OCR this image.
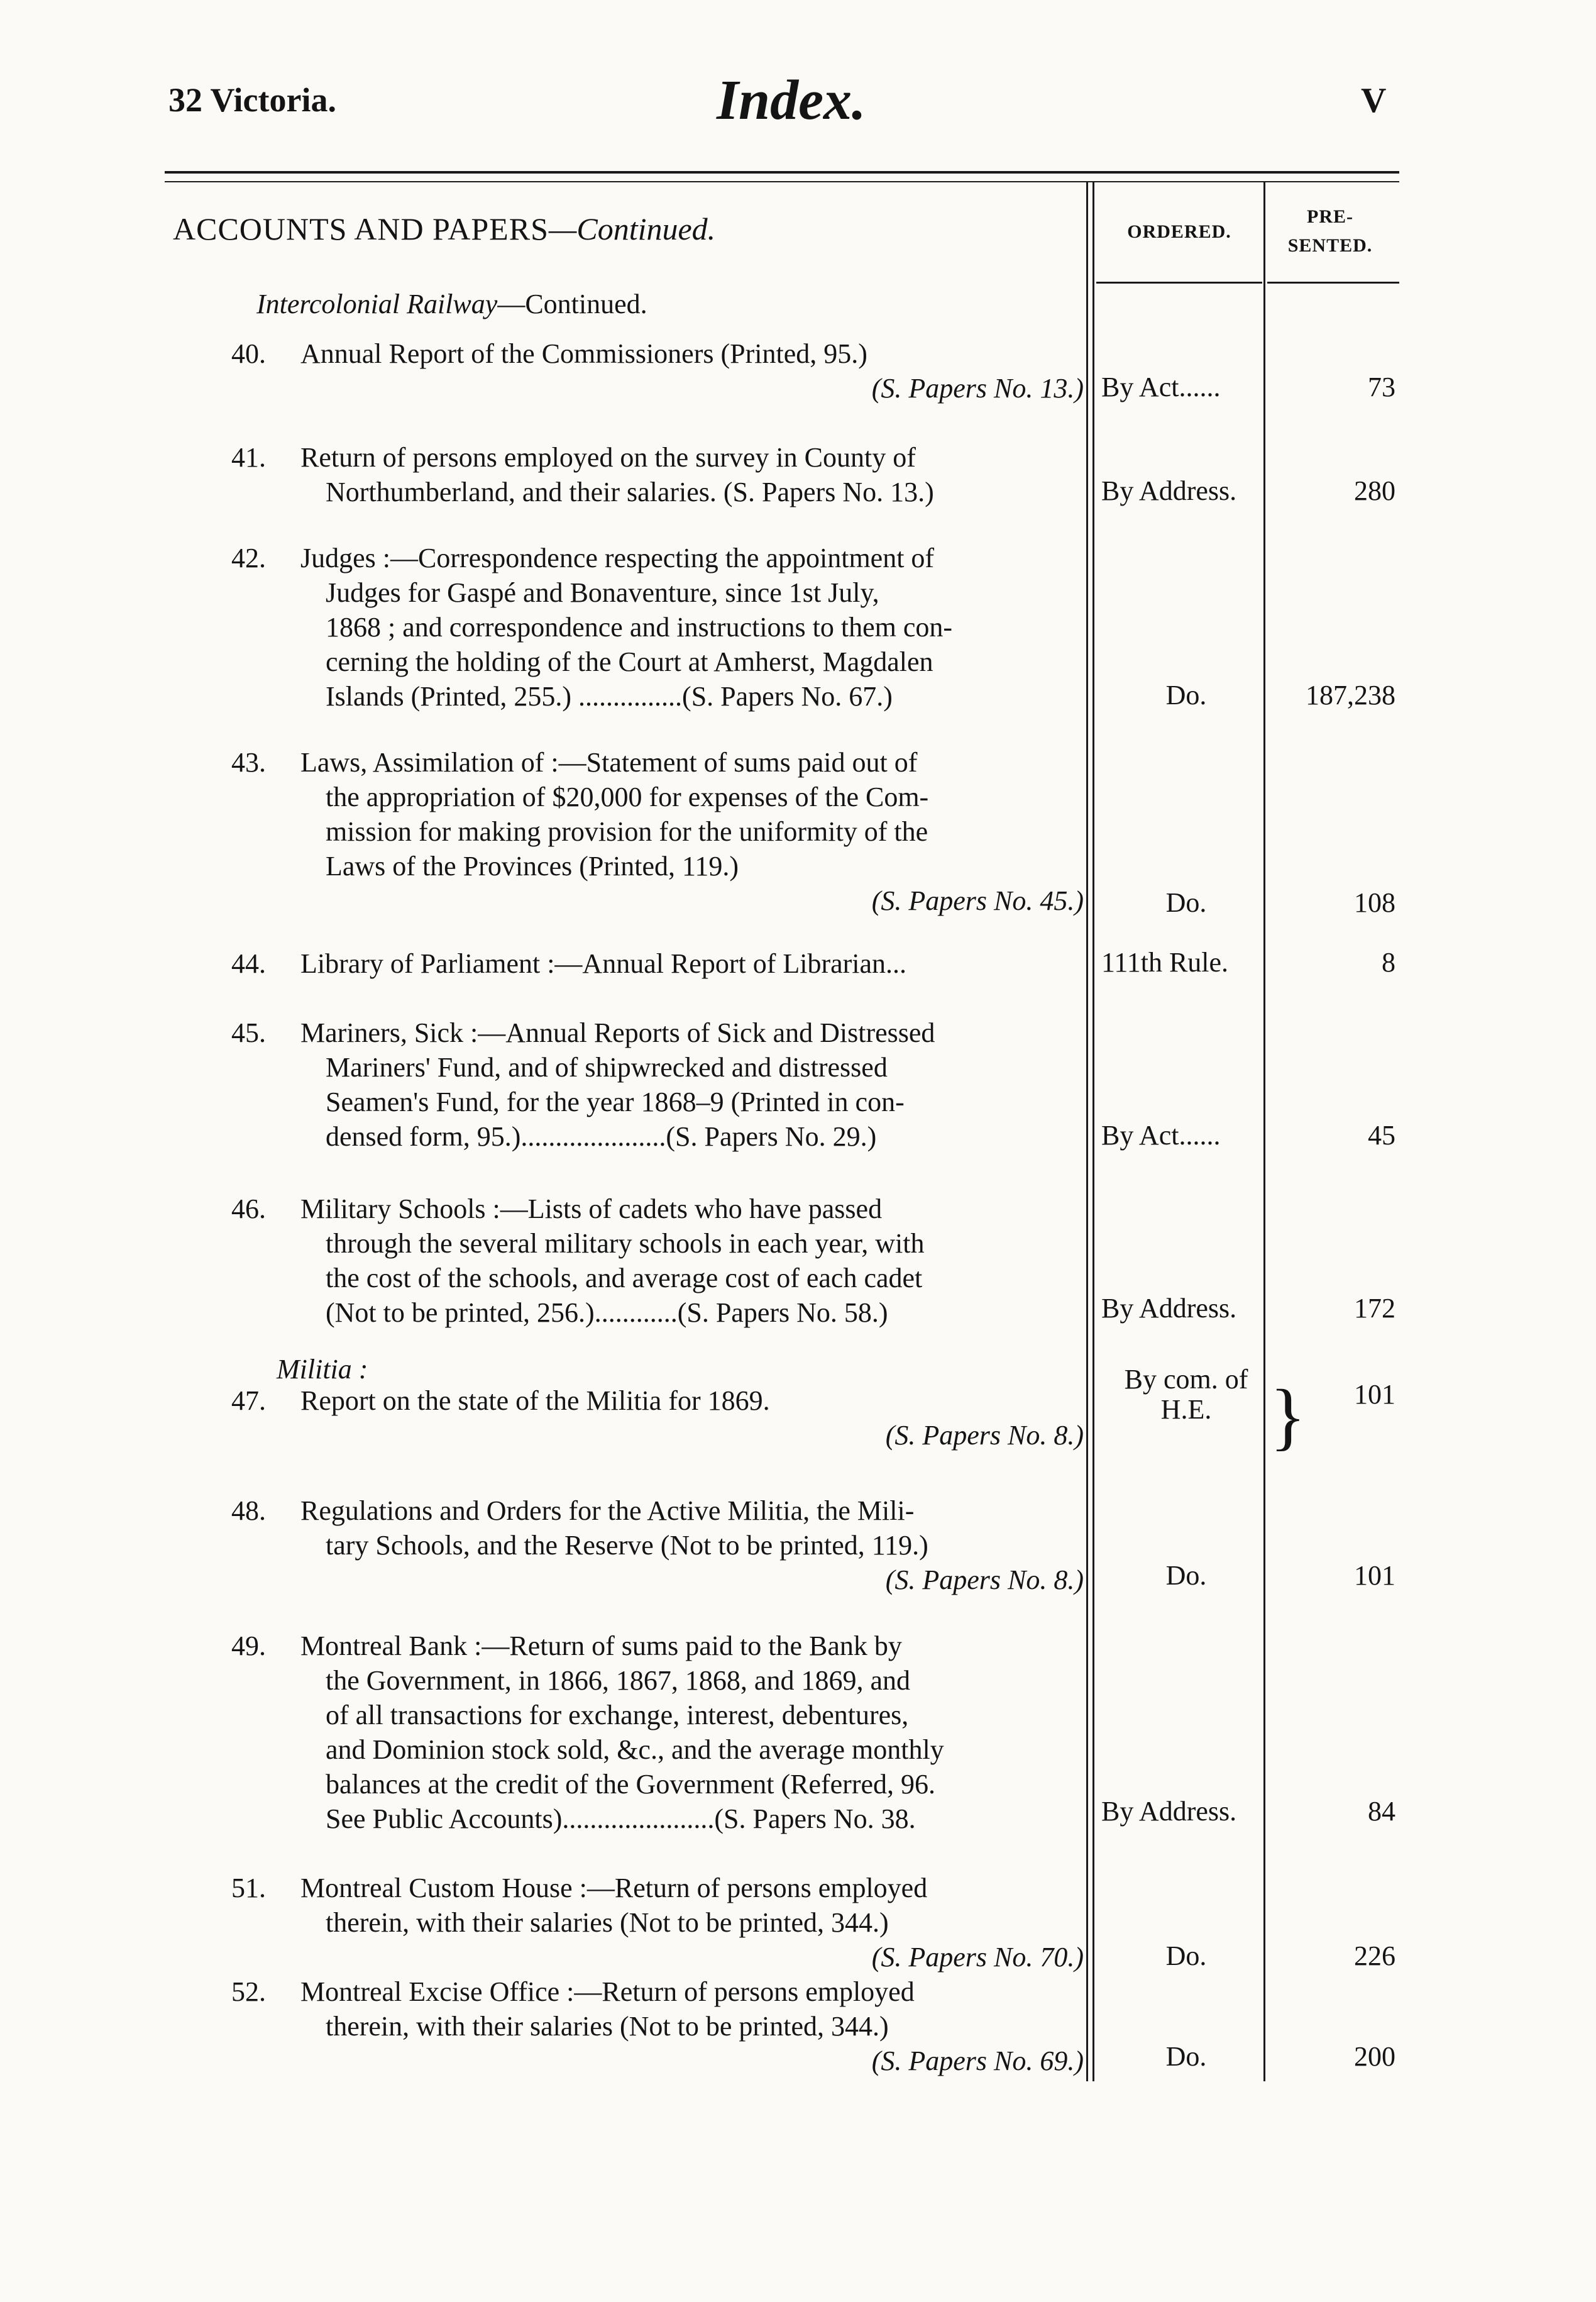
32 Victoria.	Index.	V
ACCOUNTS AND PAPERS—Continued.	ORDERED.
PRE-
SENTED.
Intercolonial Railway—Continued.
40. Annual Report of the Commissioners (Printed, 95.)
(S. Papers No. 13.) By Act......	73
41. Return of persons employed on the survey in County of
Northumberland, and their salaries. (S. Papers No. 13.)	By Address.	280
42. Judges :—Correspondence respecting the appointment of
Judges for Gaspé and Bonaventure, since 1st July,
1868 ; and correspondence and instructions to them con-
cerning the holding of the Court at Amherst, Magdalen
Islands (Printed, 255.) ...............(S. Papers No. 67.)	Do.	187,238
43. Laws, Assimilation of :—Statement of sums paid out of
the appropriation of $20,000 for expenses of the Com-
mission for making provision for the uniformity of the
Laws of the Provinces (Printed, 119.)
(S. Papers No. 45.)	Do.	108
44. Library of Parliament :—Annual Report of Librarian...	111th Rule.	8
45. Mariners, Sick :—Annual Reports of Sick and Distressed
Mariners' Fund, and of shipwrecked and distressed
Seamen's Fund, for the year 1868–9 (Printed in con-
densed form, 95.).....................(S. Papers No. 29.)	By Act......	45
46. Military Schools :—Lists of cadets who have passed
through the several military schools in each year, with
the cost of the schools, and average cost of each cadet
(Not to be printed, 256.)............(S. Papers No. 58.)	By Address.	172
47. Report on the state of the Militia for 1869.
(S. Papers No. 8.)
By com. of
H.E.	101
48. Regulations and Orders for the Active Militia, the Mili-
tary Schools, and the Reserve (Not to be printed, 119.)
(S. Papers No. 8.)	Do.	101
49. Montreal Bank :—Return of sums paid to the Bank by
the Government, in 1866, 1867, 1868, and 1869, and
of all transactions for exchange, interest, debentures,
and Dominion stock sold, &c., and the average monthly
balances at the credit of the Government (Referred, 96.
See Public Accounts)......................(S. Papers No. 38.	By Address.	84
51. Montreal Custom House :—Return of persons employed
therein, with their salaries (Not to be printed, 344.)
(S. Papers No. 70.)	Do.	226
52. Montreal Excise Office :—Return of persons employed
therein, with their salaries (Not to be printed, 344.)
(S. Papers No. 69.)	Do.	200
Militia :
}
